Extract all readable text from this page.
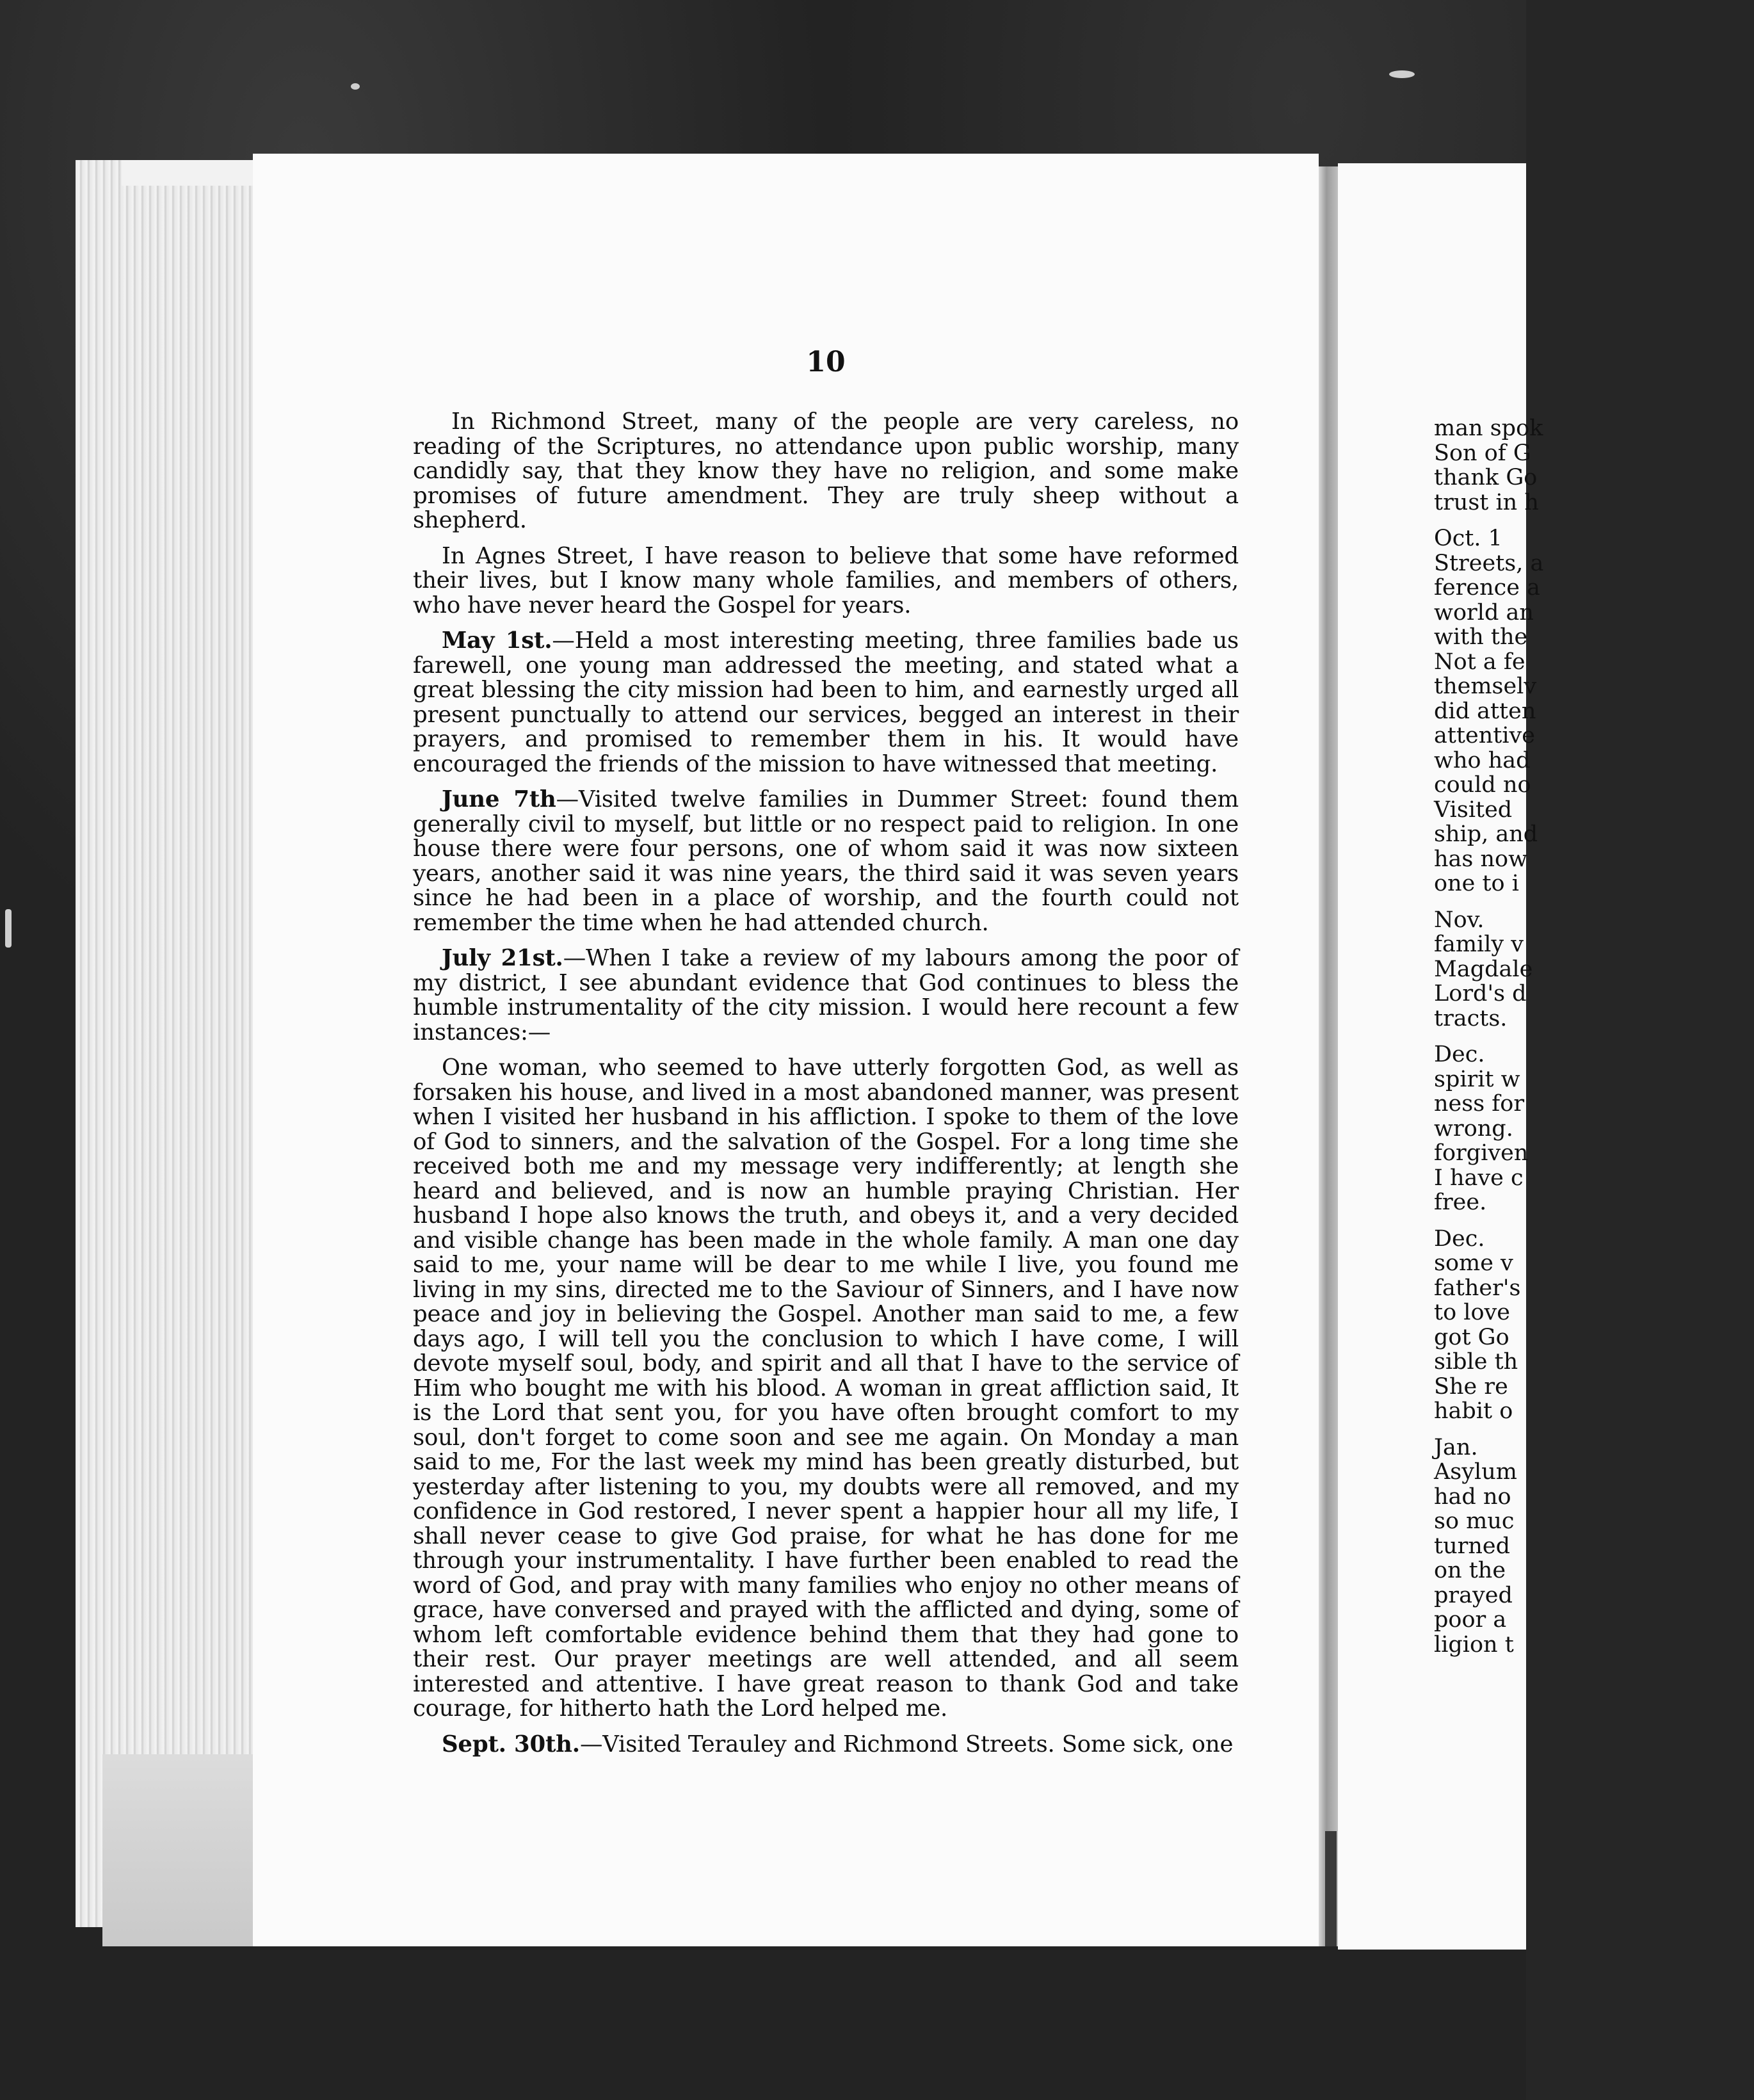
10

In Richmond Street, many of the people are very careless, no reading of the Scriptures, no attendance upon public worship, many candidly say, that they know they have no religion, and some make promises of future amendment. They are truly sheep without a shepherd.

In Agnes Street, I have reason to believe that some have reformed their lives, but I know many whole families, and members of others, who have never heard the Gospel for years.

May 1st.—Held a most interesting meeting, three families bade us farewell, one young man addressed the meeting, and stated what a great blessing the city mission had been to him, and earnestly urged all present punctually to attend our services, begged an interest in their prayers, and promised to remember them in his. It would have encouraged the friends of the mission to have witnessed that meeting.

June 7th—Visited twelve families in Dummer Street: found them generally civil to myself, but little or no respect paid to religion. In one house there were four persons, one of whom said it was now sixteen years, another said it was nine years, the third said it was seven years since he had been in a place of worship, and the fourth could not remember the time when he had attended church.

July 21st.—When I take a review of my labours among the poor of my district, I see abundant evidence that God continues to bless the humble instrumentality of the city mission. I would here recount a few instances:—

One woman, who seemed to have utterly forgotten God, as well as forsaken his house, and lived in a most abandoned manner, was present when I visited her husband in his affliction. I spoke to them of the love of God to sinners, and the salvation of the Gospel. For a long time she received both me and my message very indifferently; at length she heard and believed, and is now an humble praying Christian. Her husband I hope also knows the truth, and obeys it, and a very decided and visible change has been made in the whole family. A man one day said to me, your name will be dear to me while I live, you found me living in my sins, directed me to the Saviour of Sinners, and I have now peace and joy in believing the Gospel. Another man said to me, a few days ago, I will tell you the conclusion to which I have come, I will devote myself soul, body, and spirit and all that I have to the service of Him who bought me with his blood. A woman in great affliction said, It is the Lord that sent you, for you have often brought comfort to my soul, don't forget to come soon and see me again. On Monday a man said to me, For the last week my mind has been greatly disturbed, but yesterday after listening to you, my doubts were all removed, and my confidence in God restored, I never spent a happier hour all my life, I shall never cease to give God praise, for what he has done for me through your instrumentality. I have further been enabled to read the word of God, and pray with many families who enjoy no other means of grace, have conversed and prayed with the afflicted and dying, some of whom left comfortable evidence behind them that they had gone to their rest. Our prayer meetings are well attended, and all seem interested and attentive. I have great reason to thank God and take courage, for hitherto hath the Lord helped me.

Sept. 30th.—Visited Terauley and Richmond Streets. Some sick, one

man spok
Son of G
thank Go
trust in h
Oct. 1
Streets, a
ference a
world an
with the
Not a fe
themselv
did atten
attentive
who had
could no
Visited
ship, and
has now
one to i
Nov.
family v
Magdale
Lord's d
tracts.
Dec.
spirit w
ness for
wrong.
forgiven
I have c
free.
Dec.
some v
father's
to love
got Go
sible th
She re
habit o
Jan.
Asylum
had no
so muc
turned
on the
prayed
poor a
ligion t
